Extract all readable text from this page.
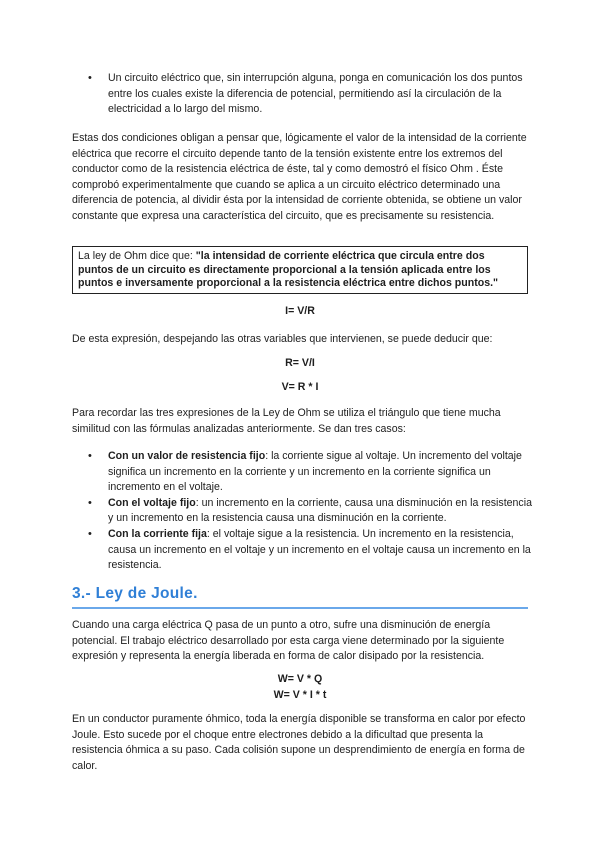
•
Un circuito eléctrico que, sin interrupción alguna, ponga en comunicación los dos puntos entre los cuales existe la diferencia de potencial, permitiendo así la circulación de la electricidad a lo largo del mismo.

Estas dos condiciones obligan a pensar que, lógicamente el valor de la intensidad de la corriente eléctrica que recorre el circuito depende tanto de la tensión existente entre los extremos del conductor como de la resistencia eléctrica de éste, tal y como demostró el físico Ohm . Éste comprobó experimentalmente que cuando se aplica a un circuito eléctrico determinado una diferencia de potencia, al dividir ésta por la intensidad de corriente obtenida, se obtiene un valor constante que expresa una característica del circuito, que es precisamente su resistencia.

La ley de Ohm dice que: "la intensidad de corriente eléctrica que circula entre dos puntos de un circuito es directamente proporcional a la tensión aplicada entre los puntos e inversamente proporcional a la resistencia eléctrica entre dichos puntos."
I= V/R

De esta expresión, despejando las otras variables que intervienen, se puede deducir que:

R= V/I
V= R * I

Para recordar las tres expresiones de la Ley de Ohm se utiliza el triángulo que tiene mucha similitud con las fórmulas analizadas anteriormente. Se dan tres casos:

•
Con un valor de resistencia fijo: la corriente sigue al voltaje. Un incremento del voltaje significa un incremento en la corriente y un incremento en la corriente significa un incremento en el voltaje.
•
Con el voltaje fijo: un incremento en la corriente, causa una disminución en la resistencia y un incremento en la resistencia causa una disminución en la corriente.
•
Con la corriente fija: el voltaje sigue a la resistencia. Un incremento en la resistencia, causa un incremento en el voltaje y un incremento en el voltaje causa un incremento en la resistencia.
3.- Ley de Joule.

Cuando una carga eléctrica Q pasa de un punto a otro, sufre una disminución de energía potencial. El trabajo eléctrico desarrollado por esta carga viene determinado por la siguiente expresión y representa la energía liberada en forma de calor disipado por la resistencia.

W= V * Q
W= V * I * t

En un conductor puramente óhmico, toda la energía disponible se transforma en calor por efecto Joule. Esto sucede por el choque entre electrones debido a la dificultad que presenta la resistencia óhmica a su paso. Cada colisión supone un desprendimiento de energía en forma de calor.
